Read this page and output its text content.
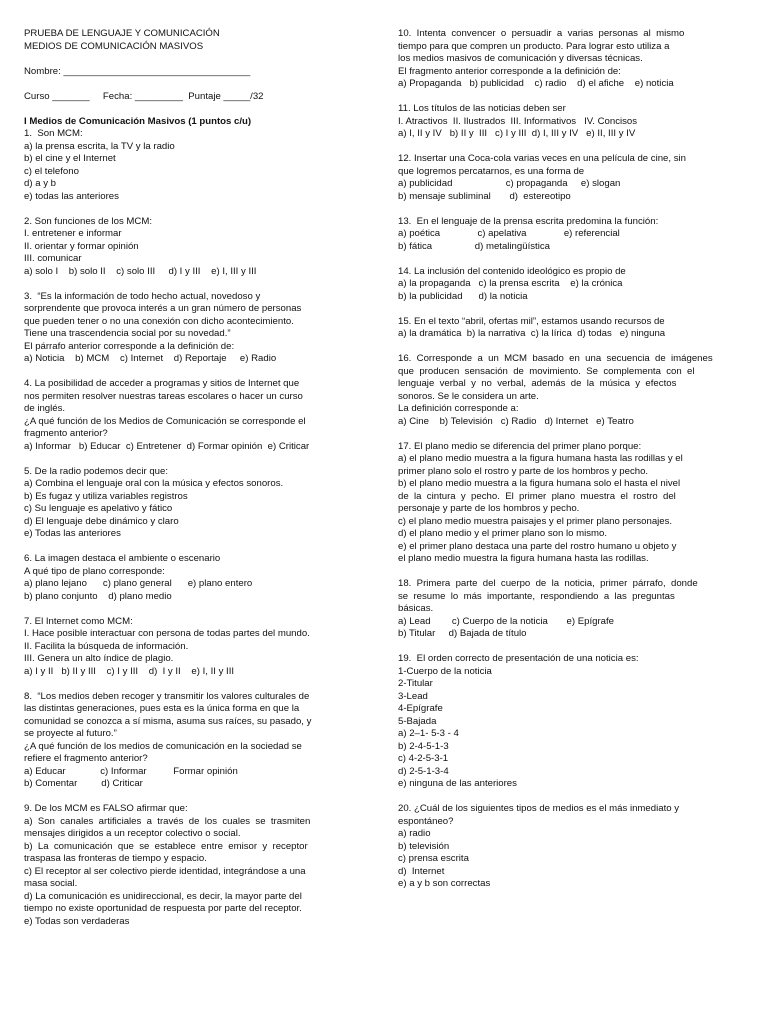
PRUEBA DE LENGUAJE Y COMUNICACIÓN
MEDIOS DE COMUNICACIÓN MASIVOS
Nombre: ___________________________________
Curso _______     Fecha: _________  Puntaje _____/32
I Medios de Comunicación Masivos (1 puntos c/u)
1.  Son MCM:
a) la prensa escrita, la TV y la radio
b) el cine y el Internet
c) el telefono
d) a y b
e) todas las anteriores
2. Son funciones de los MCM:
I. entretener e informar
II. orientar y formar opinión
III. comunicar
a) solo I    b) solo II    c) solo III     d) I y III    e) I, III y III
3.  “Es la información de todo hecho actual, novedoso y
sorprendente que provoca interés a un gran número de personas
que pueden tener o no una conexión con dicho acontecimiento.
Tiene una trascendencia social por su novedad.”
El párrafo anterior corresponde a la definición de:
a) Noticia    b) MCM    c) Internet    d) Reportaje     e) Radio
4. La posibilidad de acceder a programas y sitios de Internet que
nos permiten resolver nuestras tareas escolares o hacer un curso
de inglés.
¿A qué función de los Medios de Comunicación se corresponde el
fragmento anterior?
a) Informar   b) Educar  c) Entretener  d) Formar opinión  e) Criticar
5. De la radio podemos decir que:
a) Combina el lenguaje oral con la música y efectos sonoros.
b) Es fugaz y utiliza variables registros
c) Su lenguaje es apelativo y fático
d) El lenguaje debe dinámico y claro
e) Todas las anteriores
6. La imagen destaca el ambiente o escenario
A qué tipo de plano corresponde:
a) plano lejano      c) plano general      e) plano entero
b) plano conjunto    d) plano medio
7. El Internet como MCM:
I. Hace posible interactuar con persona de todas partes del mundo.
II. Facilita la búsqueda de información.
III. Genera un alto índice de plagio.
a) I y II   b) II y III    c) I y III    d)  I y II    e) I, II y III
8.  “Los medios deben recoger y transmitir los valores culturales de
las distintas generaciones, pues esta es la única forma en que la
comunidad se conozca a sí misma, asuma sus raíces, su pasado, y
se proyecte al futuro.”
¿A qué función de los medios de comunicación en la sociedad se
refiere el fragmento anterior?
a) Educar             c) Informar          Formar opinión
b) Comentar         d) Criticar
9. De los MCM es FALSO afirmar que:
a)  Son  canales  artificiales  a  través  de  los  cuales  se  trasmiten
mensajes dirigidos a un receptor colectivo o social.
b)  La  comunicación  que  se  establece  entre  emisor  y  receptor
traspasa las fronteras de tiempo y espacio.
c) El receptor al ser colectivo pierde identidad, integrándose a una
masa social.
d) La comunicación es unidireccional, es decir, la mayor parte del
tiempo no existe oportunidad de respuesta por parte del receptor.
e) Todas son verdaderas
10.  Intenta  convencer  o  persuadir  a  varias  personas  al  mismo
tiempo para que compren un producto. Para lograr esto utiliza a
los medios masivos de comunicación y diversas técnicas.
El fragmento anterior corresponde a la definición de:
a) Propaganda   b) publicidad    c) radio    d) el afiche    e) noticia
11. Los títulos de las noticias deben ser
I. Atractivos  II. Ilustrados  III. Informativos   IV. Concisos
a) I, II y IV   b) II y  III   c) I y III  d) I, III y IV   e) II, III y IV
12. Insertar una Coca-cola varias veces en una película de cine, sin
que logremos percatarnos, es una forma de
a) publicidad                    c) propaganda     e) slogan
b) mensaje subliminal       d)  estereotipo
13.  En el lenguaje de la prensa escrita predomina la función:
a) poética              c) apelativa              e) referencial
b) fática                d) metalingüística
14. La inclusión del contenido ideológico es propio de
a) la propaganda   c) la prensa escrita    e) la crónica
b) la publicidad      d) la noticia
15. En el texto “abril, ofertas mil”, estamos usando recursos de
a) la dramática  b) la narrativa  c) la lírica  d) todas   e) ninguna
16.  Corresponde  a  un  MCM  basado  en  una  secuencia  de  imágenes
que  producen  sensación  de  movimiento.  Se  complementa  con  el
lenguaje  verbal  y  no  verbal,  además  de  la  música  y  efectos
sonoros. Se le considera un arte.
La definición corresponde a:
a) Cine    b) Televisión   c) Radio   d) Internet   e) Teatro
17. El plano medio se diferencia del primer plano porque:
a) el plano medio muestra a la figura humana hasta las rodillas y el
primer plano solo el rostro y parte de los hombros y pecho.
b) el plano medio muestra a la figura humana solo el hasta el nivel
de  la  cintura  y  pecho.  El  primer  plano  muestra  el  rostro  del
personaje y parte de los hombros y pecho.
c) el plano medio muestra paisajes y el primer plano personajes.
d) el plano medio y el primer plano son lo mismo.
e) el primer plano destaca una parte del rostro humano u objeto y
el plano medio muestra la figura humana hasta las rodillas.
18.  Primera  parte  del  cuerpo  de  la  noticia,  primer  párrafo,  donde
se  resume  lo  más  importante,  respondiendo  a  las  preguntas
básicas.
a) Lead        c) Cuerpo de la noticia       e) Epígrafe
b) Titular     d) Bajada de título
19.  El orden correcto de presentación de una noticia es:
1-Cuerpo de la noticia
2-Titular
3-Lead
4-Epígrafe
5-Bajada
a) 2–1- 5-3 - 4
b) 2-4-5-1-3
c) 4-2-5-3-1
d) 2-5-1-3-4
e) ninguna de las anteriores
20. ¿Cuál de los siguientes tipos de medios es el más inmediato y
espontáneo?
a) radio
b) televisión
c) prensa escrita
d)  Internet
e) a y b son correctas
